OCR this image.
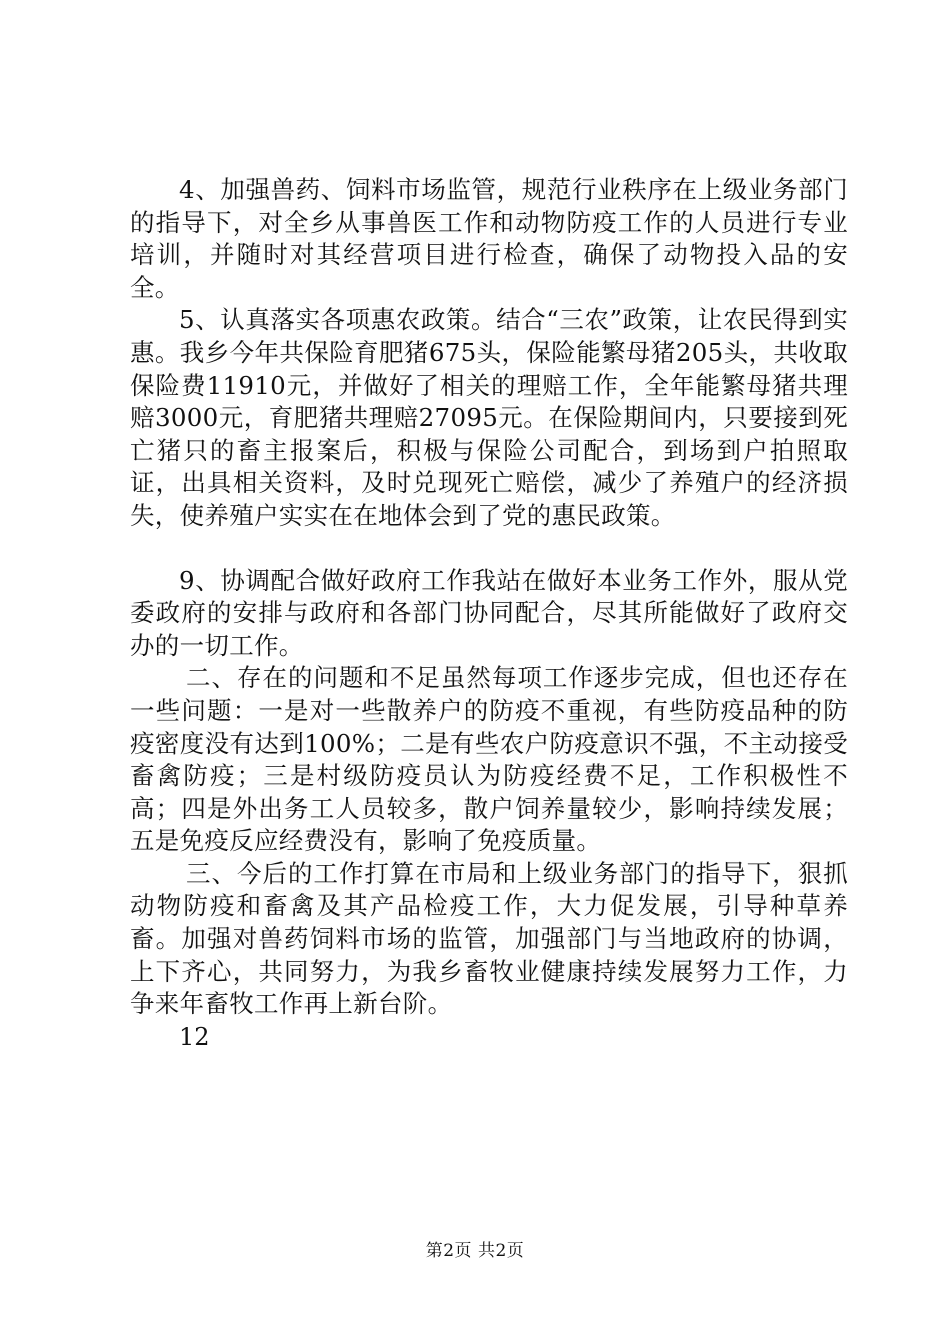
4、加强兽药、饲料市场监管，规范行业秩序在上级业务部门的指导下，对全乡从事兽医工作和动物防疫工作的人员进行专业培训，并随时对其经营项目进行检查，确保了动物投入品的安全。

5、认真落实各项惠农政策。结合“三农”政策，让农民得到实惠。我乡今年共保险育肥猪675头，保险能繁母猪205头，共收取保险费11910元，并做好了相关的理赔工作，全年能繁母猪共理赔3000元，育肥猪共理赔27095元。在保险期间内，只要接到死亡猪只的畜主报案后，积极与保险公司配合，到场到户拍照取证，出具相关资料，及时兑现死亡赔偿，减少了养殖户的经济损失，使养殖户实实在在地体会到了党的惠民政策。

9、协调配合做好政府工作我站在做好本业务工作外，服从党委政府的安排与政府和各部门协同配合，尽其所能做好了政府交办的一切工作。

二、存在的问题和不足虽然每项工作逐步完成，但也还存在一些问题：一是对一些散养户的防疫不重视，有些防疫品种的防疫密度没有达到100%；二是有些农户防疫意识不强，不主动接受畜禽防疫；三是村级防疫员认为防疫经费不足，工作积极性不高；四是外出务工人员较多，散户饲养量较少，影响持续发展；五是免疫反应经费没有，影响了免疫质量。

三、今后的工作打算在市局和上级业务部门的指导下，狠抓动物防疫和畜禽及其产品检疫工作，大力促发展，引导种草养畜。加强对兽药饲料市场的监管，加强部门与当地政府的协调，上下齐心，共同努力，为我乡畜牧业健康持续发展努力工作，力争来年畜牧工作再上新台阶。

12

第2页 共2页
